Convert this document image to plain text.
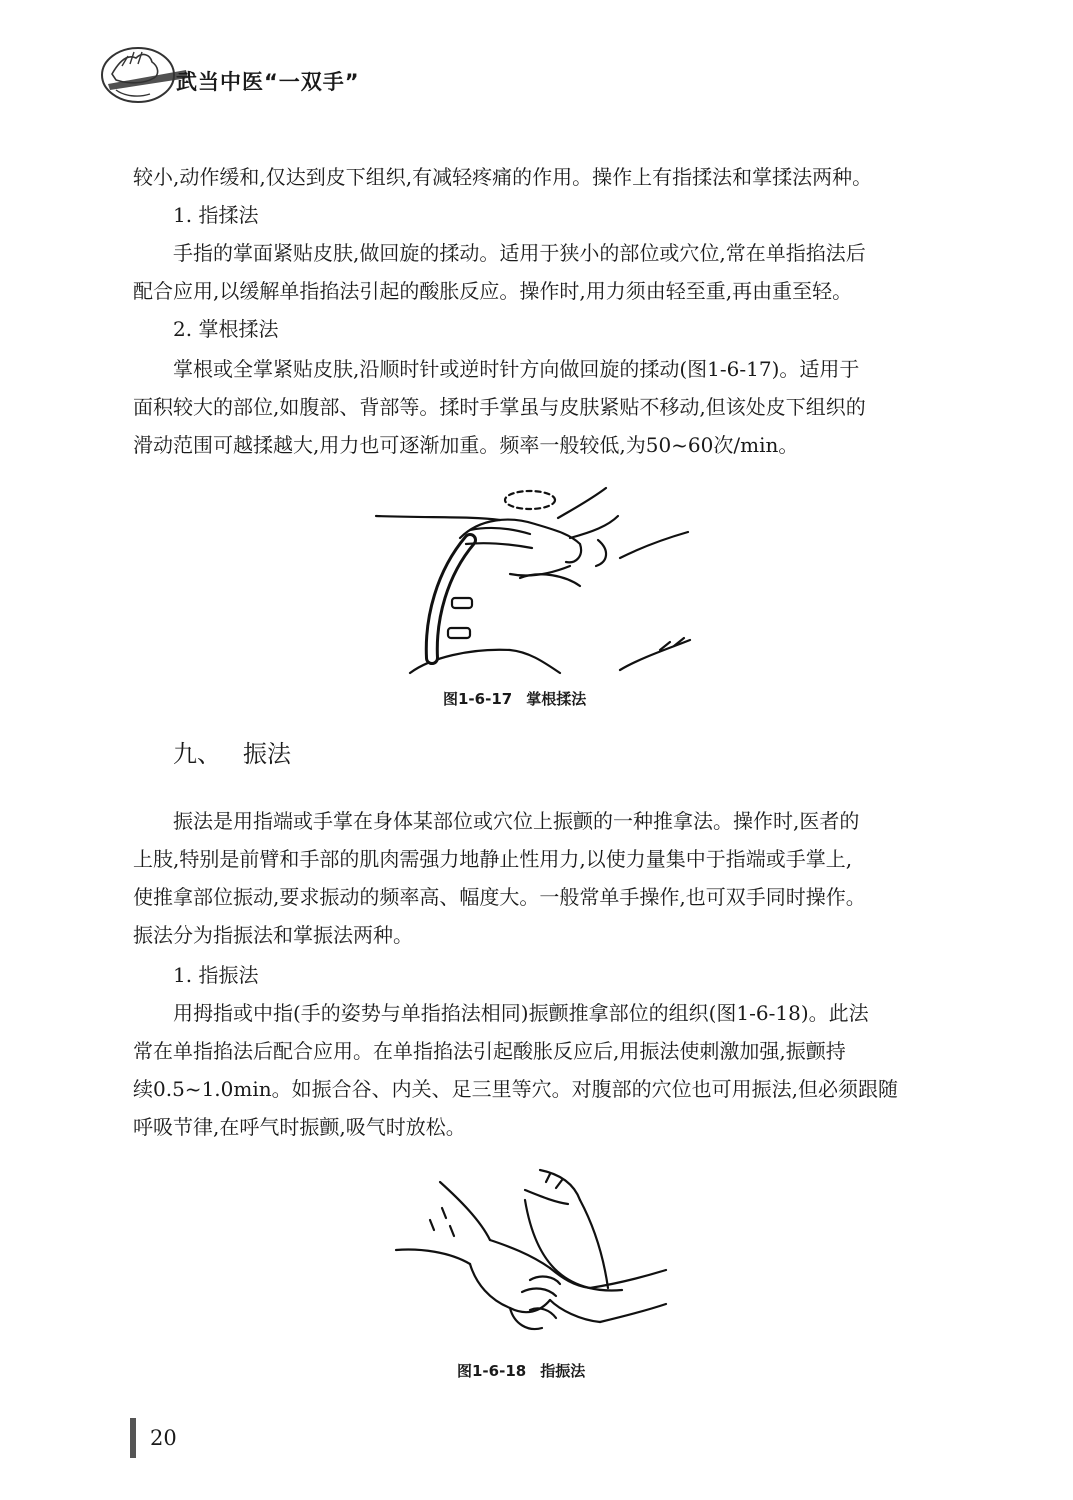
武当中医“一双手”
较小,动作缓和,仅达到皮下组织,有减轻疼痛的作用。操作上有指揉法和掌揉法两种。
1. 指揉法
手指的掌面紧贴皮肤,做回旋的揉动。适用于狭小的部位或穴位,常在单指掐法后
配合应用,以缓解单指掐法引起的酸胀反应。操作时,用力须由轻至重,再由重至轻。
2. 掌根揉法
掌根或全掌紧贴皮肤,沿顺时针或逆时针方向做回旋的揉动(图1-6-17)。适用于
面积较大的部位,如腹部、背部等。揉时手掌虽与皮肤紧贴不移动,但该处皮下组织的
滑动范围可越揉越大,用力也可逐渐加重。频率一般较低,为50~60次/min。
图1-6-17 掌根揉法
九、 振法
振法是用指端或手掌在身体某部位或穴位上振颤的一种推拿法。操作时,医者的
上肢,特别是前臂和手部的肌肉需强力地静止性用力,以使力量集中于指端或手掌上,
使推拿部位振动,要求振动的频率高、幅度大。一般常单手操作,也可双手同时操作。
振法分为指振法和掌振法两种。
1. 指振法
用拇指或中指(手的姿势与单指掐法相同)振颤推拿部位的组织(图1-6-18)。此法
常在单指掐法后配合应用。在单指掐法引起酸胀反应后,用振法使刺激加强,振颤持
续0.5~1.0min。如振合谷、内关、足三里等穴。对腹部的穴位也可用振法,但必须跟随
呼吸节律,在呼气时振颤,吸气时放松。
图1-6-18 指振法
20
